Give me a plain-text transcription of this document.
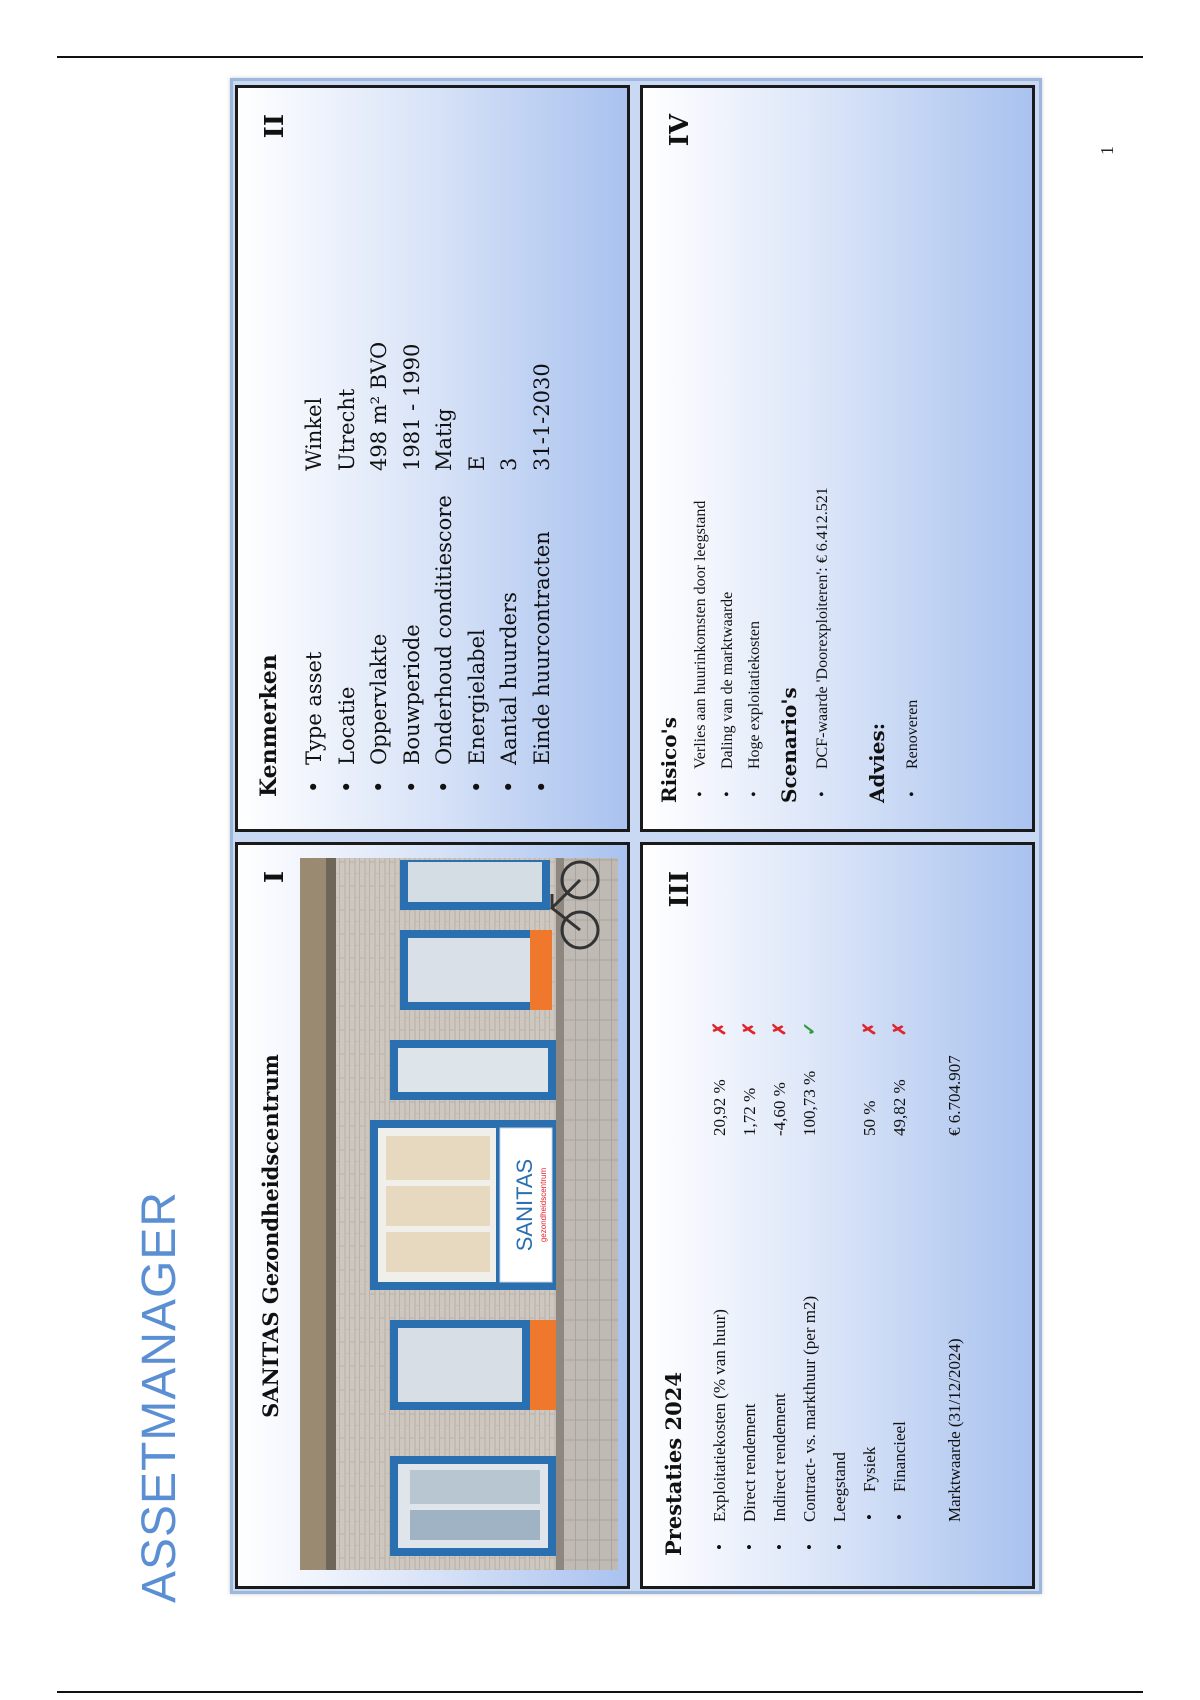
ASSETMANAGER
1
SANITAS Gezondheidscentrum
I
SANITAS gezondheidscentrum
Kenmerken
II
• Type assetWinkel
• LocatieUtrecht
• Oppervlakte498 m² BVO
• Bouwperiode1981 - 1990
• Onderhoud conditiescoreMatig
• EnergielabelE
• Aantal huurders3
• Einde huurcontracten31-1-2030
Prestaties 2024
III
• Exploitatiekosten (% van huur)20,92 %✗
• Direct rendement1,72 %✗
• Indirect rendement-4,60 %✗
• Contract- vs. markthuur (per m2)100,73 %✓
• Leegstand • Fysiek50 %✗
• Financieel49,82 %✗
Marktwaarde (31/12/2024)€ 6.704.907
IV
Risico's • Verlies aan huurinkomsten door leegstand • Daling van de marktwaarde • Hoge exploitatiekosten Scenario's • DCF-waarde 'Doorexploiteren': € 6.412.521 Advies: • Renoveren
